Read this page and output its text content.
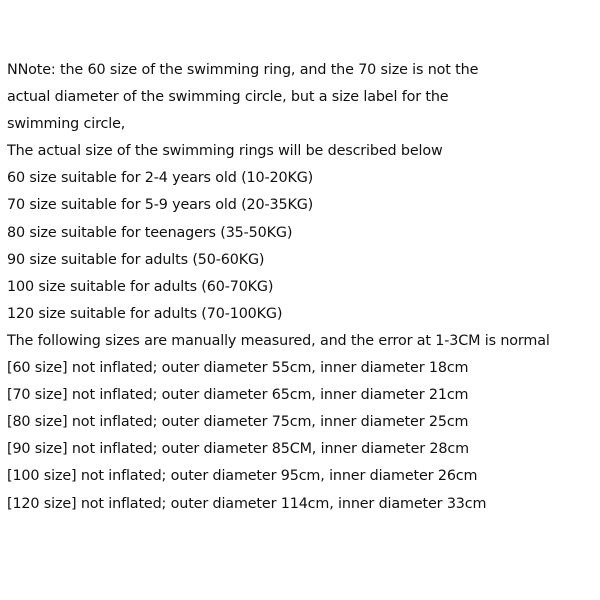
NNote: the 60 size of the swimming ring, and the 70 size is not the
actual diameter of the swimming circle, but a size label for the
swimming circle,
The actual size of the swimming rings will be described below
60 size suitable for 2-4 years old (10-20KG)
70 size suitable for 5-9 years old (20-35KG)
80 size suitable for teenagers (35-50KG)
90 size suitable for adults (50-60KG)
100 size suitable for adults (60-70KG)
120 size suitable for adults (70-100KG)
The following sizes are manually measured, and the error at 1-3CM is normal
[60 size] not inflated; outer diameter 55cm, inner diameter 18cm
[70 size] not inflated; outer diameter 65cm, inner diameter 21cm
[80 size] not inflated; outer diameter 75cm, inner diameter 25cm
[90 size] not inflated; outer diameter 85CM, inner diameter 28cm
[100 size] not inflated; outer diameter 95cm, inner diameter 26cm
[120 size] not inflated; outer diameter 114cm, inner diameter 33cm
